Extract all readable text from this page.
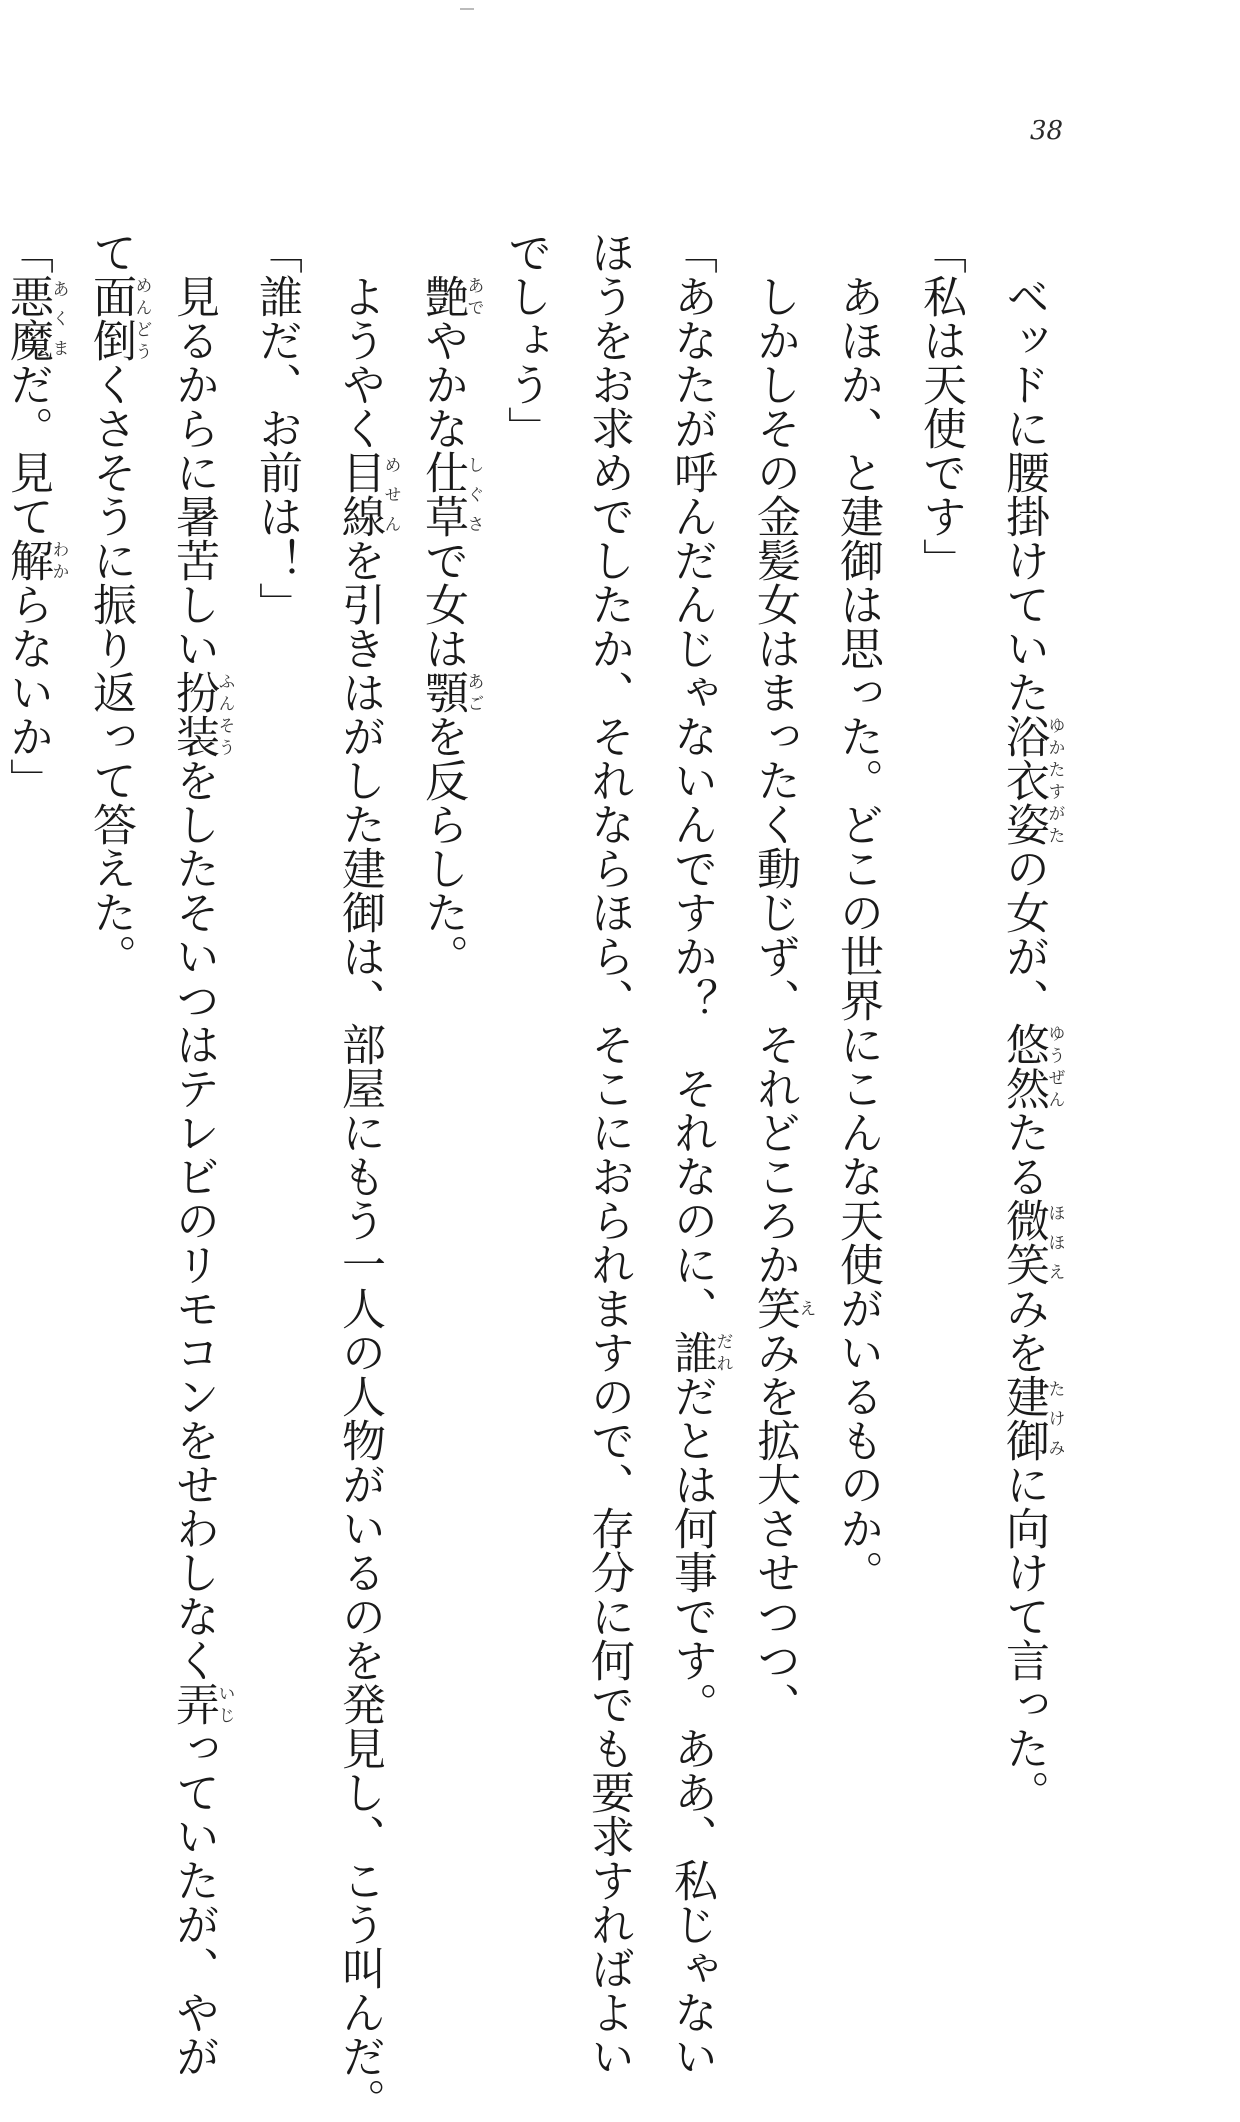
38
ベッドに腰掛けていた浴衣姿ゆかたすがたの女が、悠然ゆうぜんたる微笑ほほえみを建御たけみに向けて言った。
「私は天使です」
あほか、と建御は思った。どこの世界にこんな天使がいるものか。
しかしその金髪女はまったく動じず、それどころか笑えみを拡大させつつ、
「あなたが呼んだんじゃないんですか？　それなのに、誰だれだとは何事です。ああ、私じゃない
ほうをお求めでしたか、それならほら、そこにおられますので、存分に何でも要求すればよい
でしょう」
艶あでやかな仕草しぐさで女は顎あごを反らした。
ようやく目線めせんを引きはがした建御は、部屋にもう一人の人物がいるのを発見し、こう叫んだ。
「誰だ、お前は！」
見るからに暑苦しい扮装ふんそうをしたそいつはテレビのリモコンをせわしなく弄いじっていたが、やが
て面倒めんどうくさそうに振り返って答えた。
「悪魔あくまだ。見て解わからないか」
